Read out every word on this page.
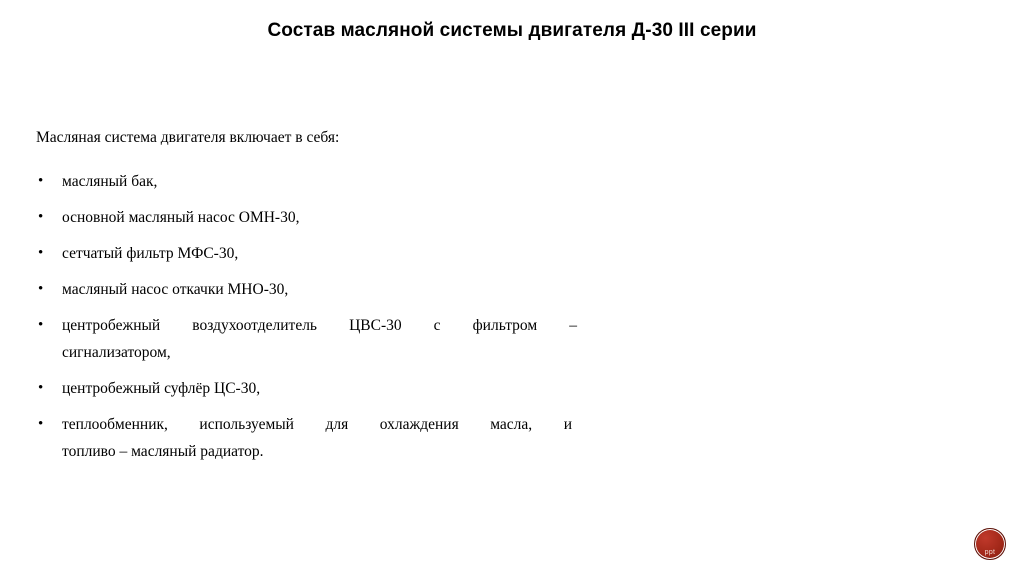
Состав масляной системы двигателя Д-30 III серии
Масляная система двигателя включает в себя:
• масляный бак,
• основной масляный насос ОМН-30,
• сетчатый фильтр МФС-30,
• масляный насос откачки МНО-30,
• центробежный воздухоотделитель ЦВС-30 с фильтром –
сигнализатором,
• центробежный суфлёр ЦС-30,
• теплообменник, используемый для охлаждения масла, и
топливо – масляный радиатор.
ppt
